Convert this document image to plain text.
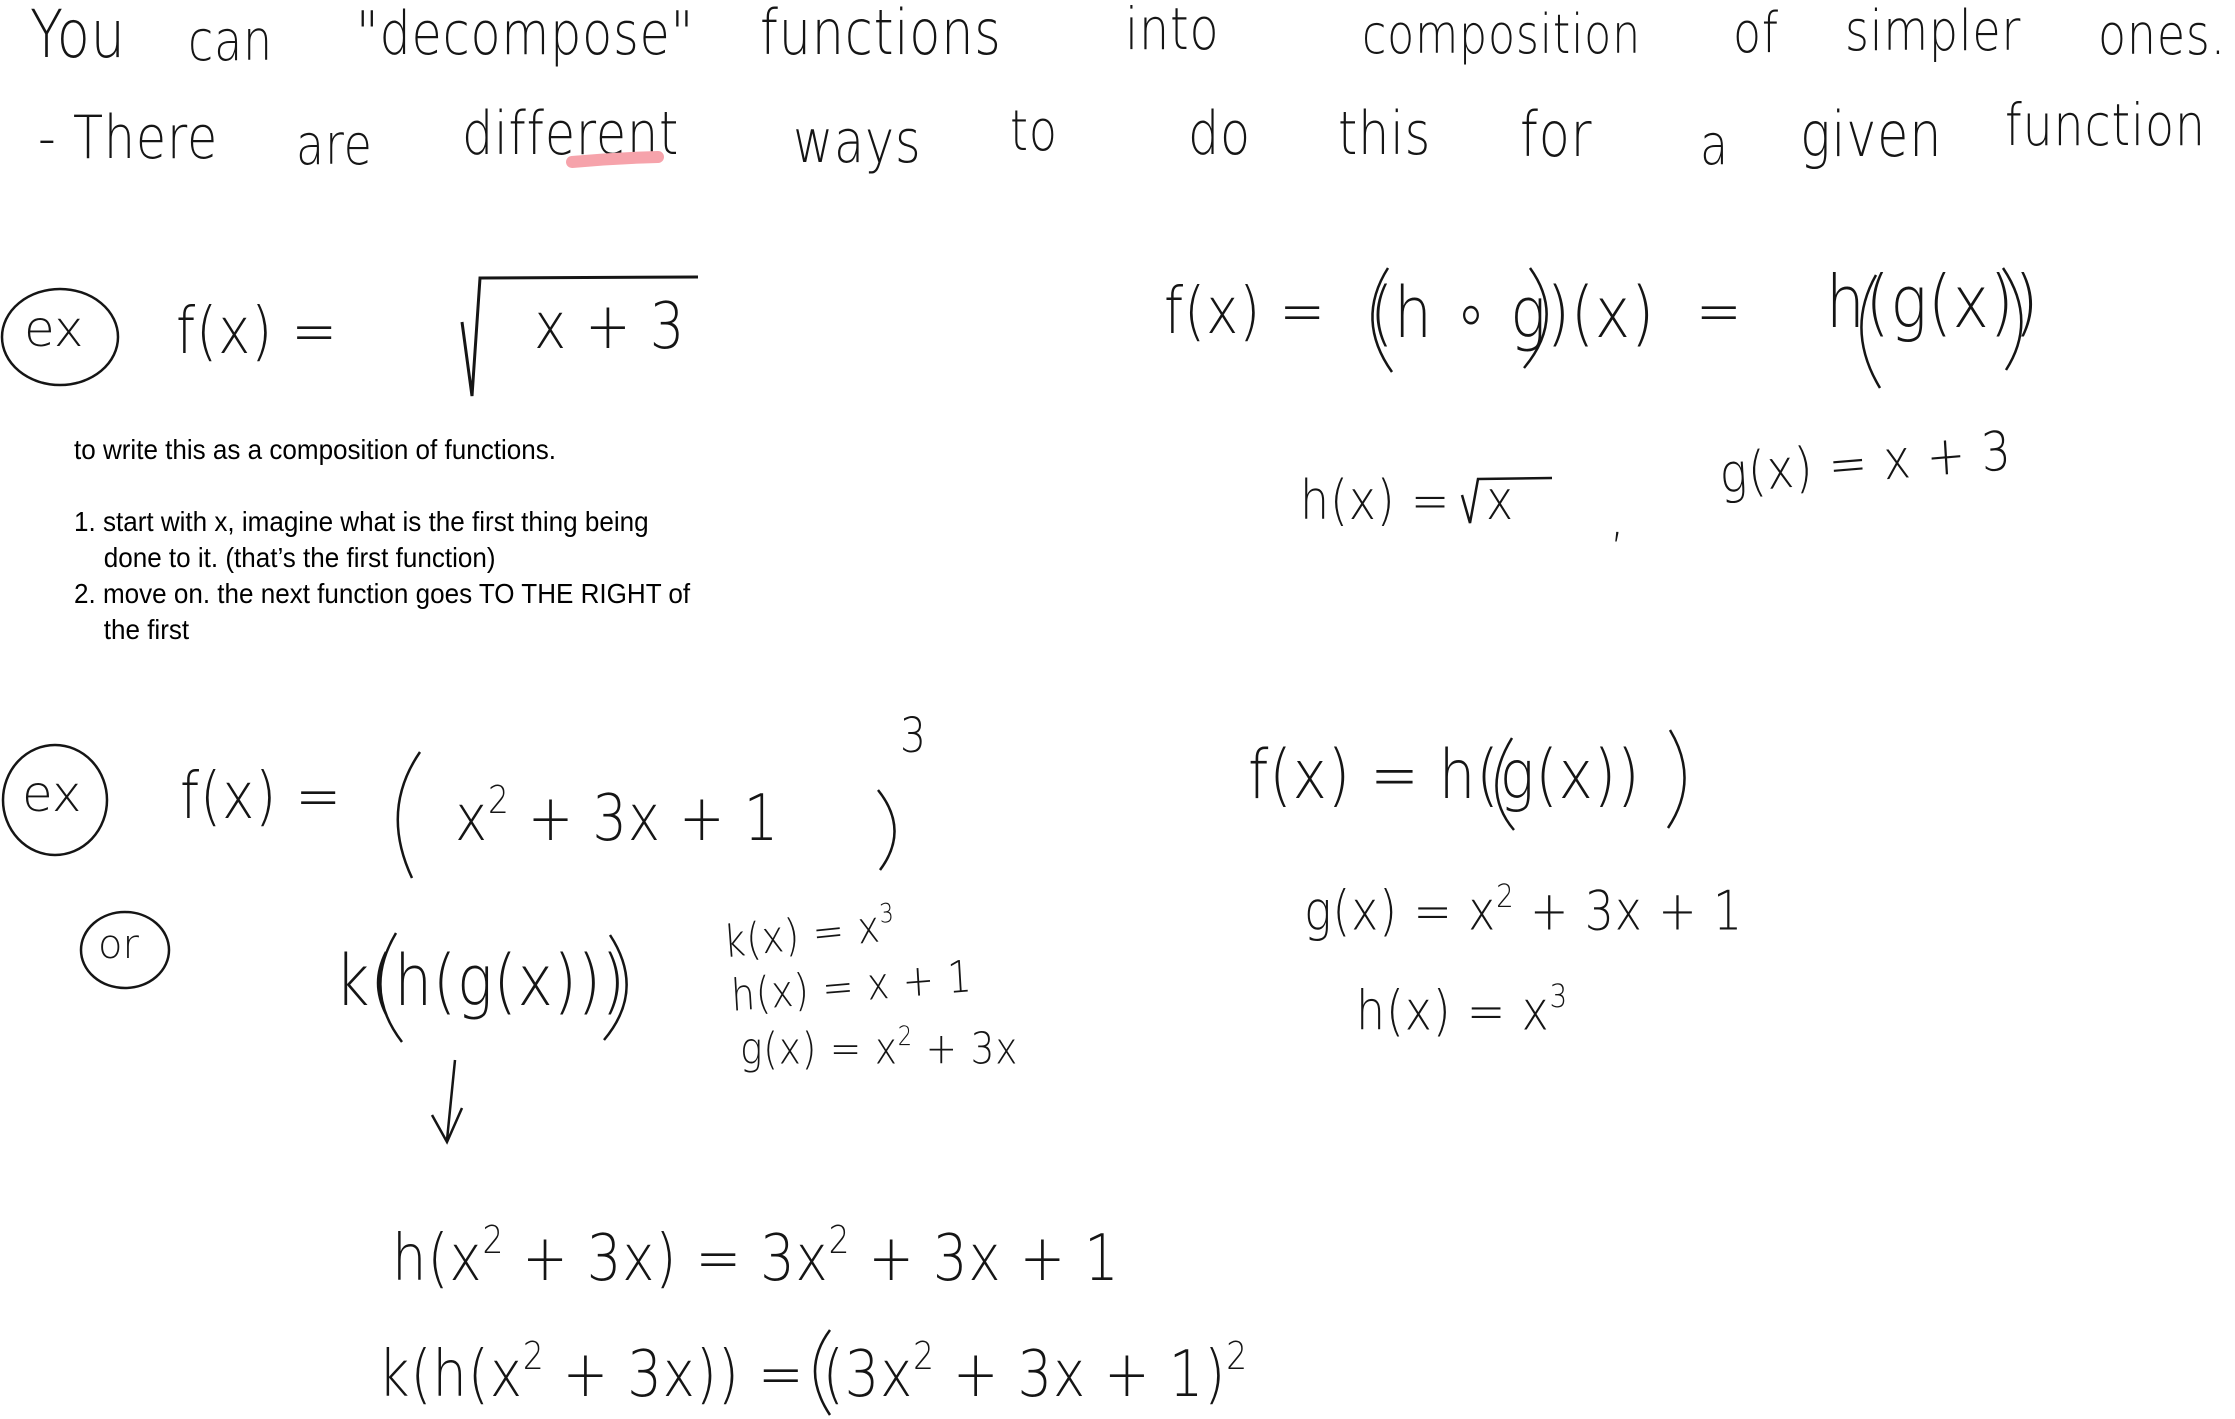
You can "decompose" functions into	composition of simpler ones.
- There are different ways to do this for a given function
ex f(x) =	x + 3	f(x) = (h ∘ g)(x) = h(g(x))
h(x) = x ,
g(x) = x + 3
to write this as a composition of functions.
1. start with x, imagine what is the first thing being
done to it. (that’s the first function)
2. move on. the next function goes TO THE RIGHT of
the first
ex $f(x) = x^2 + 3x + 1$
3	f(x) = h(g(x))
$g(x) = x^2 + 3x + 1$
$h(x) = x^3$
or	k(h(g(x)))
$k(x) = x^3$
h(x) = x + 1
$g(x) = x^2 + 3x$
$h(x^2 + 3x) = 3x^2 + 3x + 1$
$k(h(x^2 + 3x)) = (3x^2 + 3x + 1)^2$
